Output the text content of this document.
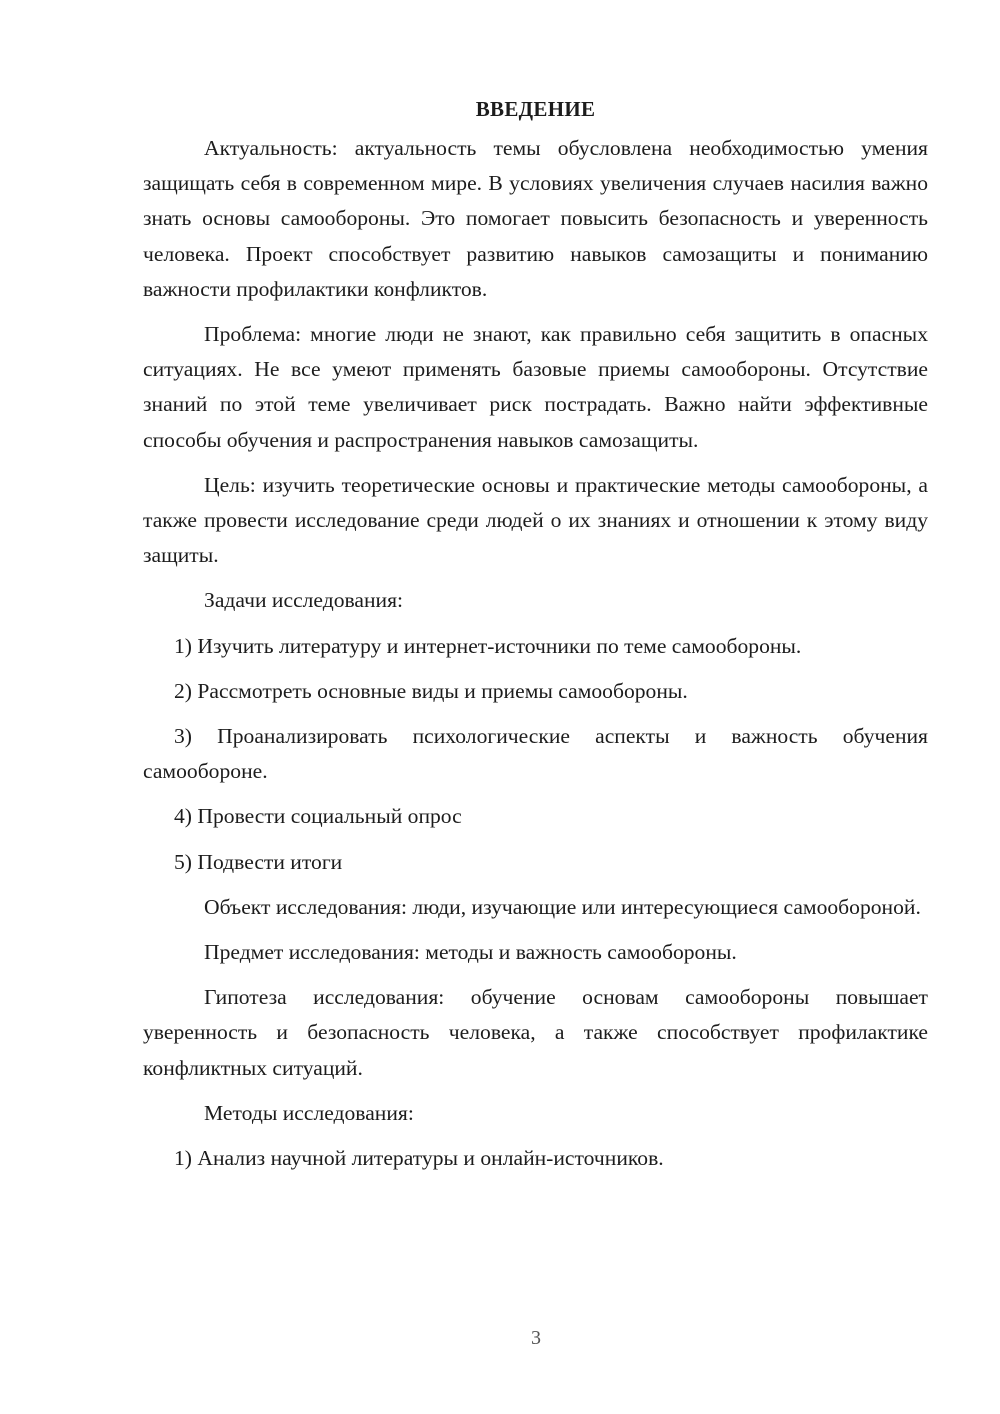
ВВЕДЕНИЕ

Актуальность: актуальность темы обусловлена необходимостью умения защищать себя в современном мире. В условиях увеличения случаев насилия важно знать основы самообороны. Это помогает повысить безопасность и уверенность человека. Проект способствует развитию навыков самозащиты и пониманию важности профилактики конфликтов.

Проблема: многие люди не знают, как правильно себя защитить в опасных ситуациях. Не все умеют применять базовые приемы самообороны. Отсутствие знаний по этой теме увеличивает риск пострадать. Важно найти эффективные способы обучения и распространения навыков самозащиты.

Цель: изучить теоретические основы и практические методы самообороны, а также провести исследование среди людей о их знаниях и отношении к этому виду защиты.

Задачи исследования:

1) Изучить литературу и интернет-источники по теме самообороны.

2) Рассмотреть основные виды и приемы самообороны.

3) Проанализировать психологические аспекты и важность обучения самообороне.

4) Провести социальный опрос

5) Подвести итоги

Объект исследования: люди, изучающие или интересующиеся самообороной.

Предмет исследования: методы и важность самообороны.

Гипотеза исследования: обучение основам самообороны повышает уверенность и безопасность человека, а также способствует профилактике конфликтных ситуаций.

Методы исследования:

1) Анализ научной литературы и онлайн-источников.

3
